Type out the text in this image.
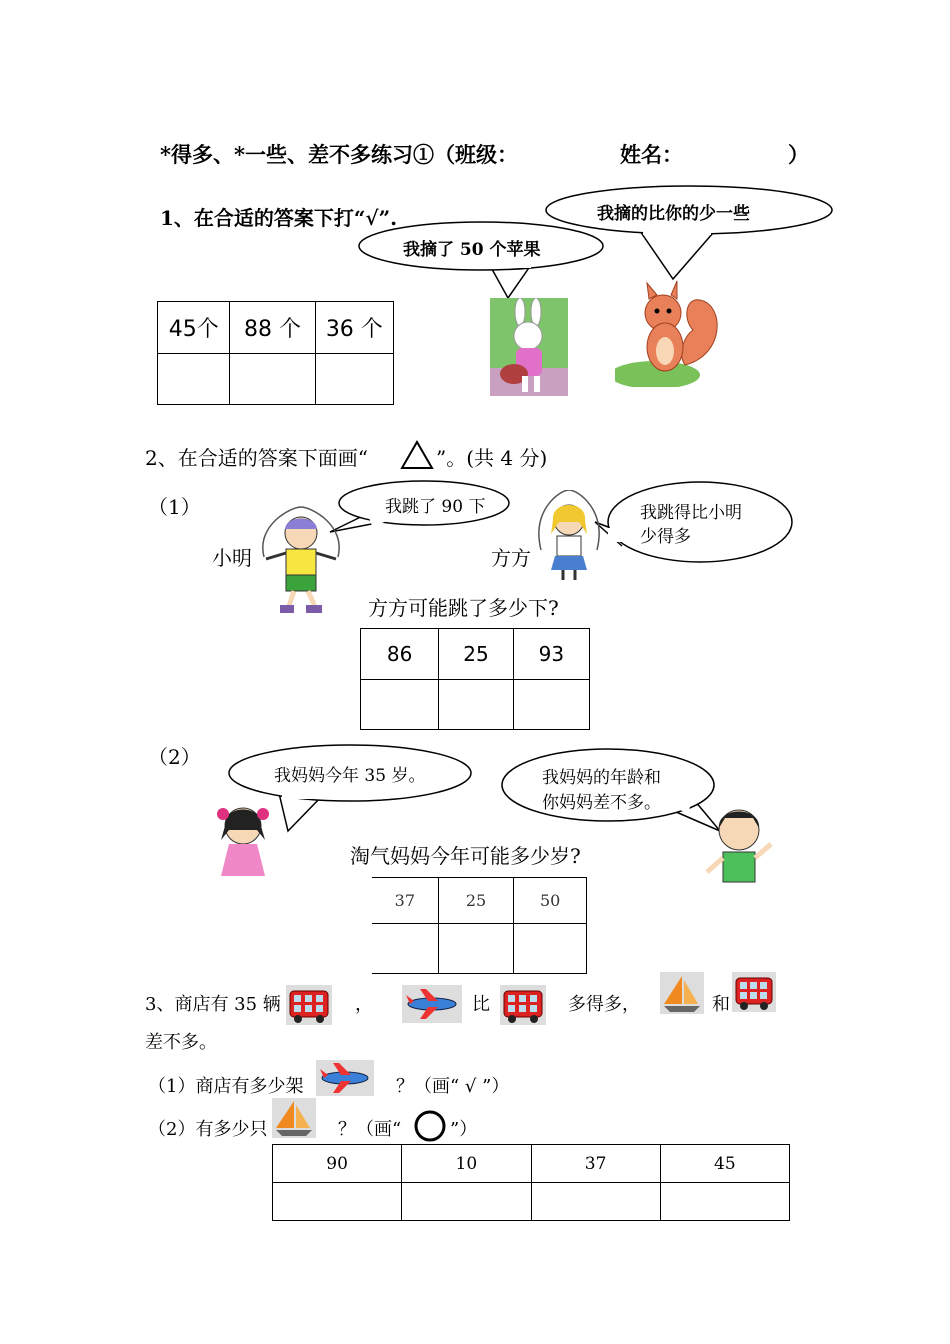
*得多、*一些、差不多练习①（班级：	姓名：	）
1、在合适的答案下打“√”.	我摘的比你的少一些
我摘了 50 个苹果
45个	88 个	36 个

2、在合适的答案下面画“	”。(共 4 分)
（1）	我跳了 90 下
小明
我跳得比小明
少得多
方方
方方可能跳了多少下?
86	25	93

（2）
我妈妈今年 35 岁。	我妈妈的年龄和
你妈妈差不多。
淘气妈妈今年可能多少岁?
37	25	50

3、商店有 35 辆	，	比	多得多，	和
差不多。
（1）商店有多少架	？（画“ √ ”）
（2）有多少只	？（画“	”）
90	10	37	45
